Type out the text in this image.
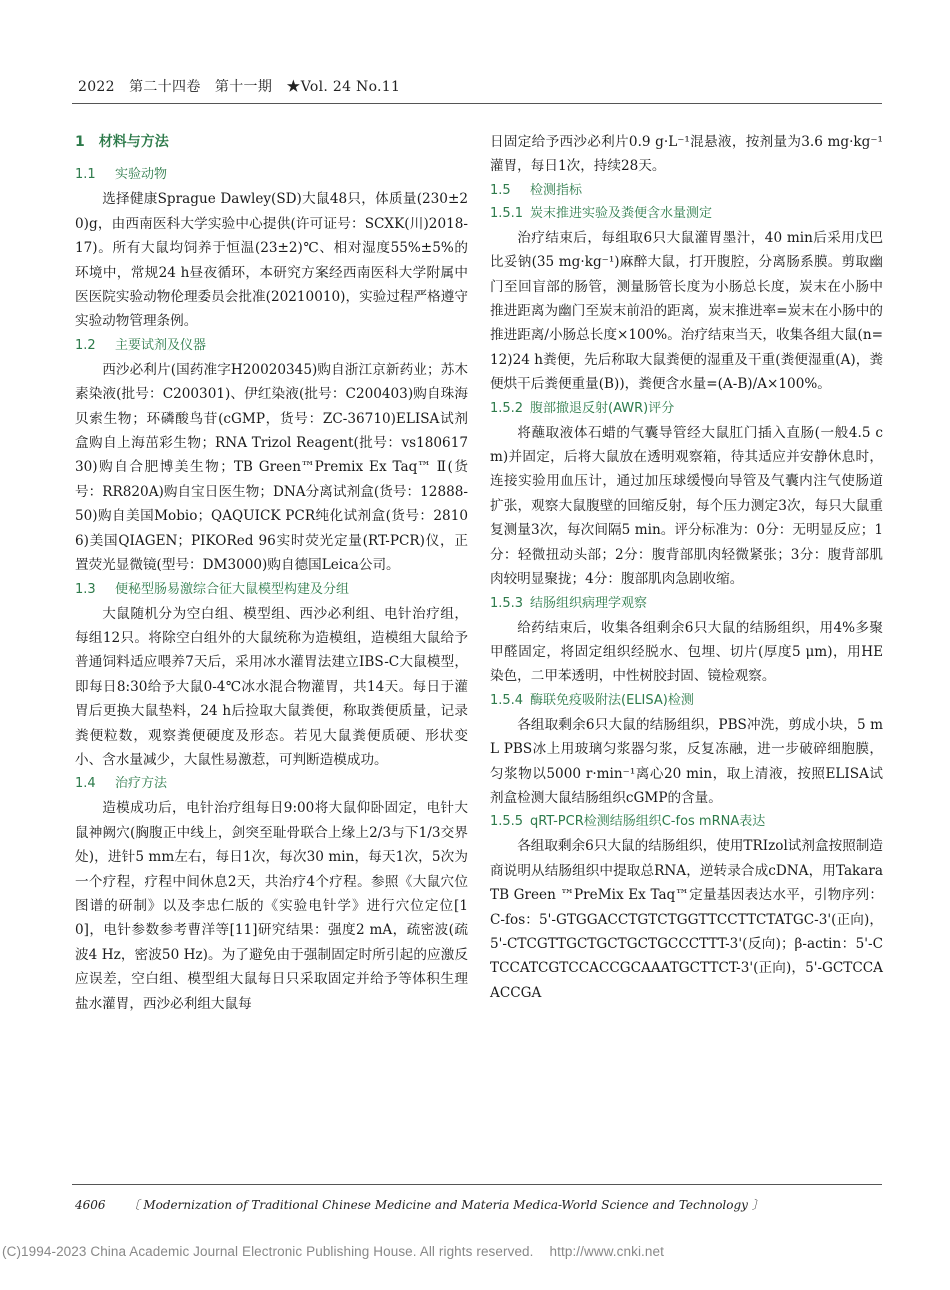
2022　第二十四卷　第十一期　★Vol. 24 No.11
1　材料与方法
1.1 实验动物

选择健康Sprague Dawley(SD)大鼠48只，体质量(230±20)g，由西南医科大学实验中心提供(许可证号：SCXK(川)2018-17)。所有大鼠均饲养于恒温(23±2)℃、相对湿度55%±5%的环境中，常规24 h昼夜循环，本研究方案经西南医科大学附属中医医院实验动物伦理委员会批准(20210010)，实验过程严格遵守实验动物管理条例。

1.2 主要试剂及仪器

西沙必利片(国药准字H20020345)购自浙江京新药业；苏木素染液(批号：C200301)、伊红染液(批号：C200403)购自珠海贝索生物；环磷酸鸟苷(cGMP，货号：ZC-36710)ELISA试剂盒购自上海茁彩生物；RNA Trizol Reagent(批号：vs18061730)购自合肥博美生物；TB Green™Premix Ex Taq™ Ⅱ(货号：RR820A)购自宝日医生物；DNA分离试剂盒(货号：12888-50)购自美国Mobio；QAQUICK PCR纯化试剂盒(货号：28106)美国QIAGEN；PIKORed 96实时荧光定量(RT-PCR)仪，正置荧光显微镜(型号：DM3000)购自德国Leica公司。

1.3 便秘型肠易激综合征大鼠模型构建及分组

大鼠随机分为空白组、模型组、西沙必利组、电针治疗组，每组12只。将除空白组外的大鼠统称为造模组，造模组大鼠给予普通饲料适应喂养7天后，采用冰水灌胃法建立IBS-C大鼠模型，即每日8:30给予大鼠0-4℃冰水混合物灌胃，共14天。每日于灌胃后更换大鼠垫料，24 h后捡取大鼠粪便，称取粪便质量，记录粪便粒数，观察粪便硬度及形态。若见大鼠粪便质硬、形状变小、含水量减少，大鼠性易激惹，可判断造模成功。

1.4 治疗方法

造模成功后，电针治疗组每日9:00将大鼠仰卧固定，电针大鼠神阙穴(胸腹正中线上，剑突至耻骨联合上缘上2/3与下1/3交界处)，进针5 mm左右，每日1次，每次30 min，每天1次，5次为一个疗程，疗程中间休息2天，共治疗4个疗程。参照《大鼠穴位图谱的研制》以及李忠仁版的《实验电针学》进行穴位定位[10]，电针参数参考曹洋等[11]研究结果：强度2 mA，疏密波(疏波4 Hz，密波50 Hz)。为了避免由于强制固定时所引起的应激反应误差，空白组、模型组大鼠每日只采取固定并给予等体积生理盐水灌胃，西沙必利组大鼠每

日固定给予西沙必利片0.9 g·L⁻¹混悬液，按剂量为3.6 mg·kg⁻¹灌胃，每日1次，持续28天。

1.5 检测指标
1.5.1 炭末推进实验及粪便含水量测定

治疗结束后，每组取6只大鼠灌胃墨汁，40 min后采用戊巴比妥钠(35 mg·kg⁻¹)麻醉大鼠，打开腹腔，分离肠系膜。剪取幽门至回盲部的肠管，测量肠管长度为小肠总长度，炭末在小肠中推进距离为幽门至炭末前沿的距离，炭末推进率=炭末在小肠中的推进距离/小肠总长度×100%。治疗结束当天，收集各组大鼠(n=12)24 h粪便，先后称取大鼠粪便的湿重及干重(粪便湿重(A)，粪便烘干后粪便重量(B))，粪便含水量=(A-B)/A×100%。

1.5.2 腹部撤退反射(AWR)评分

将蘸取液体石蜡的气囊导管经大鼠肛门插入直肠(一般4.5 cm)并固定，后将大鼠放在透明观察箱，待其适应并安静休息时，连接实验用血压计，通过加压球缓慢向导管及气囊内注气使肠道扩张，观察大鼠腹壁的回缩反射，每个压力测定3次，每只大鼠重复测量3次，每次间隔5 min。评分标准为：0分：无明显反应；1分：轻微扭动头部；2分：腹背部肌肉轻微紧张；3分：腹背部肌肉较明显聚拢；4分：腹部肌肉急剧收缩。

1.5.3 结肠组织病理学观察

给药结束后，收集各组剩余6只大鼠的结肠组织，用4%多聚甲醛固定，将固定组织经脱水、包埋、切片(厚度5 μm)，用HE染色，二甲苯透明，中性树胶封固、镜检观察。

1.5.4 酶联免疫吸附法(ELISA)检测

各组取剩余6只大鼠的结肠组织，PBS冲洗，剪成小块，5 mL PBS冰上用玻璃匀浆器匀浆，反复冻融，进一步破碎细胞膜，匀浆物以5000 r·min⁻¹离心20 min，取上清液，按照ELISA试剂盒检测大鼠结肠组织cGMP的含量。

1.5.5 qRT-PCR检测结肠组织C-fos mRNA表达

各组取剩余6只大鼠的结肠组织，使用TRIzol试剂盒按照制造商说明从结肠组织中提取总RNA，逆转录合成cDNA，用Takara TB Green ™PreMix Ex Taq™定量基因表达水平，引物序列：C-fos：5'-GTGGACCTGTCTGGTTCCTTCTATGC-3'(正向)，5'-CTCGTTGCTGCTGCTGCCCTTT-3'(反向)；β-actin：5'-CTCCATCGTCCACCGCAAATGCTTCT-3'(正向)，5'-GCTCCAACCGA

4606 〔 Modernization of Traditional Chinese Medicine and Materia Medica-World Science and Technology 〕
(C)1994-2023 China Academic Journal Electronic Publishing House. All rights reserved. http://www.cnki.net
